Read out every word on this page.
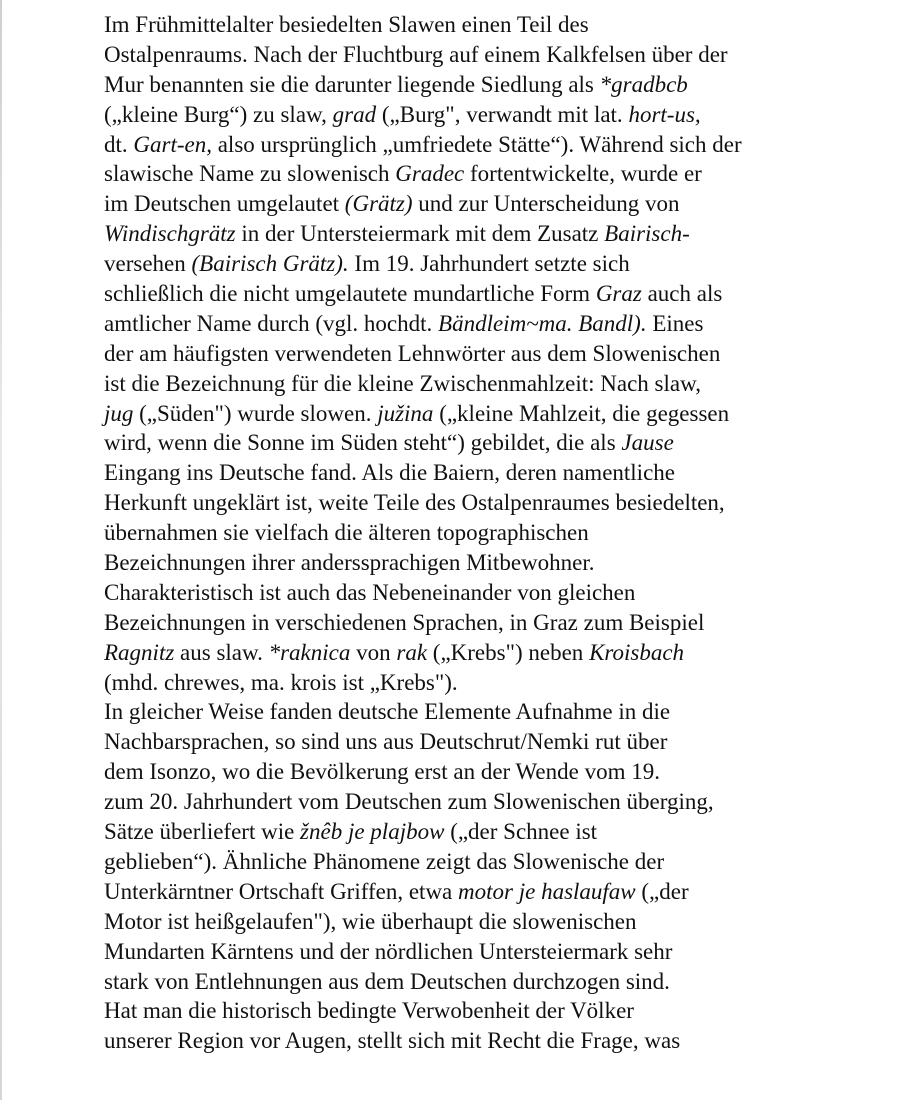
Im Frühmittelalter besiedelten Slawen einen Teil des
Ostalpenraums. Nach der Fluchtburg auf einem Kalkfelsen über der
Mur benannten sie die darunter liegende Siedlung als *gradbcb
(„kleine Burg“) zu slaw, grad („Burg", verwandt mit lat. hort-us,
dt. Gart-en, also ursprünglich „umfriedete Stätte“). Während sich der
slawische Name zu slowenisch Gradec fortentwickelte, wurde er
im Deutschen umgelautet (Grätz) und zur Unterscheidung von
Windischgrätz in der Untersteiermark mit dem Zusatz Bairisch-
versehen (Bairisch Grätz). Im 19. Jahrhundert setzte sich
schließlich die nicht umgelautete mundartliche Form Graz auch als
amtlicher Name durch (vgl. hochdt. Bändleim~ma. Bandl). Eines
der am häufigsten verwendeten Lehnwörter aus dem Slowenischen
ist die Bezeichnung für die kleine Zwischenmahlzeit: Nach slaw,
jug („Süden") wurde slowen. južina („kleine Mahlzeit, die gegessen
wird, wenn die Sonne im Süden steht“) gebildet, die als Jause
Eingang ins Deutsche fand. Als die Baiern, deren namentliche
Herkunft ungeklärt ist, weite Teile des Ostalpenraumes besiedelten,
übernahmen sie vielfach die älteren topographischen
Bezeichnungen ihrer anderssprachigen Mitbewohner.
Charakteristisch ist auch das Nebeneinander von gleichen
Bezeichnungen in verschiedenen Sprachen, in Graz zum Beispiel
Ragnitz aus slaw. *raknica von rak („Krebs") neben Kroisbach
(mhd. chrewes, ma. krois ist „Krebs").
In gleicher Weise fanden deutsche Elemente Aufnahme in die
Nachbarsprachen, so sind uns aus Deutschrut/Nemki rut über
dem Isonzo, wo die Bevölkerung erst an der Wende vom 19.
zum 20. Jahrhundert vom Deutschen zum Slowenischen überging,
Sätze überliefert wie žnêb je plajbow („der Schnee ist
geblieben“). Ähnliche Phänomene zeigt das Slowenische der
Unterkärntner Ortschaft Griffen, etwa motor je haslaufaw („der
Motor ist heißgelaufen"), wie überhaupt die slowenischen
Mundarten Kärntens und der nördlichen Untersteiermark sehr
stark von Entlehnungen aus dem Deutschen durchzogen sind.
Hat man die historisch bedingte Verwobenheit der Völker
unserer Region vor Augen, stellt sich mit Recht die Frage, was
